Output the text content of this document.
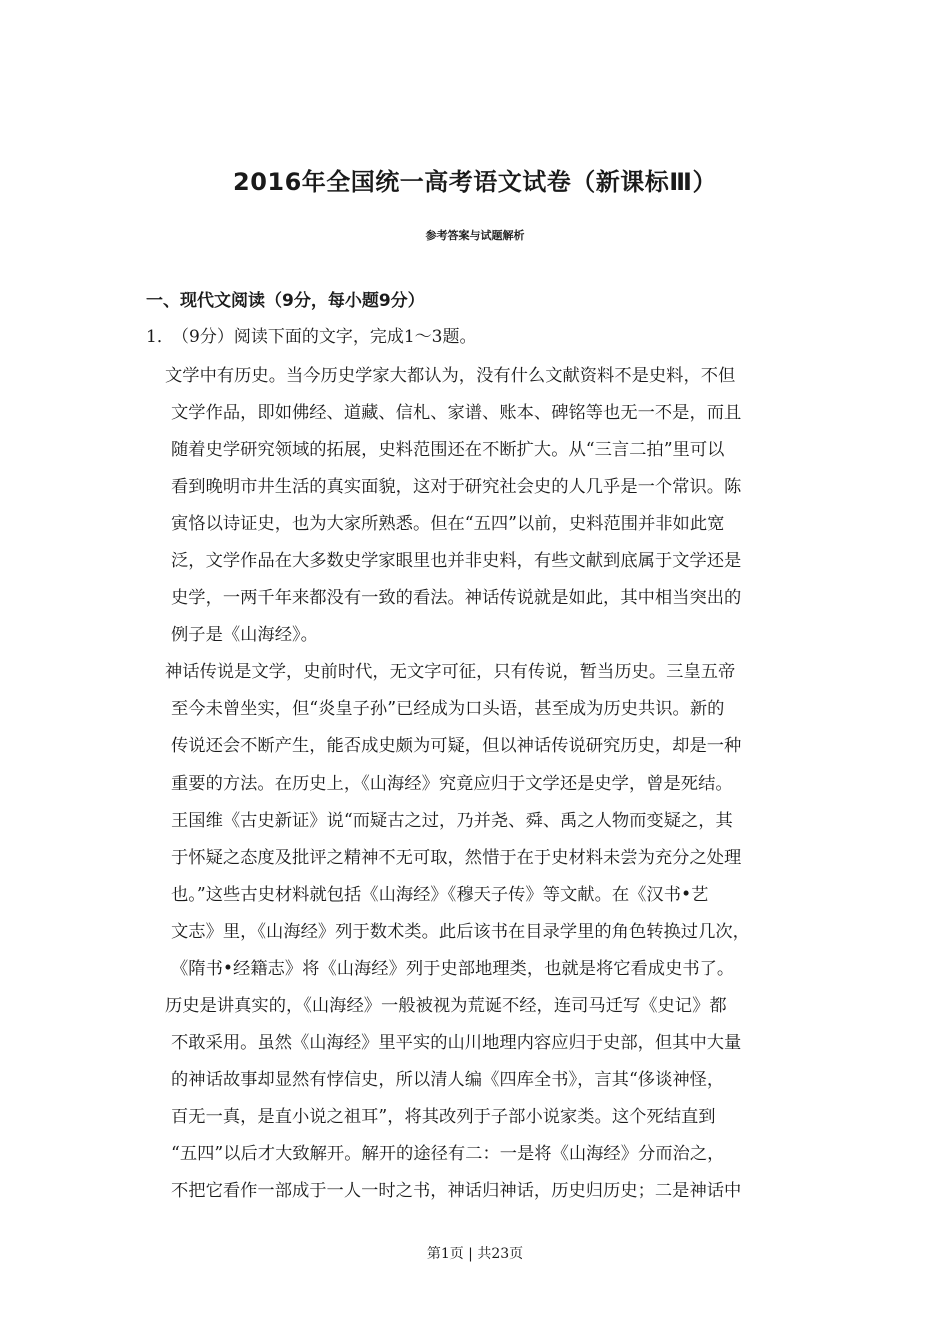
2016年全国统一高考语文试卷（新课标Ⅲ）
参考答案与试题解析
一、现代文阅读（9分，每小题9分）
1．（9分）阅读下面的文字，完成1～3题。
文学中有历史。当今历史学家大都认为，没有什么文献资料不是史料，不但
文学作品，即如佛经、道藏、信札、家谱、账本、碑铭等也无一不是，而且
随着史学研究领域的拓展，史料范围还在不断扩大。从“三言二拍”里可以
看到晚明市井生活的真实面貌，这对于研究社会史的人几乎是一个常识。陈
寅恪以诗证史，也为大家所熟悉。但在“五四”以前，史料范围并非如此宽
泛，文学作品在大多数史学家眼里也并非史料，有些文献到底属于文学还是
史学，一两千年来都没有一致的看法。神话传说就是如此，其中相当突出的
例子是《山海经》。
神话传说是文学，史前时代，无文字可征，只有传说，暂当历史。三皇五帝
至今未曾坐实，但“炎皇子孙”已经成为口头语，甚至成为历史共识。新的
传说还会不断产生，能否成史颇为可疑，但以神话传说研究历史，却是一种
重要的方法。在历史上，《山海经》究竟应归于文学还是史学，曾是死结。
王国维《古史新证》说“而疑古之过，乃并尧、舜、禹之人物而变疑之，其
于怀疑之态度及批评之精神不无可取，然惜于在于史材料未尝为充分之处理
也。”这些古史材料就包括《山海经》《穆天子传》等文献。在《汉书•艺
文志》里，《山海经》列于数术类。此后该书在目录学里的角色转换过几次，
《隋书•经籍志》将《山海经》列于史部地理类，也就是将它看成史书了。
历史是讲真实的，《山海经》一般被视为荒诞不经，连司马迁写《史记》都
不敢采用。虽然《山海经》里平实的山川地理内容应归于史部，但其中大量
的神话故事却显然有悖信史，所以清人编《四库全书》，言其“侈谈神怪，
百无一真，是直小说之祖耳”，将其改列于子部小说家类。这个死结直到
“五四”以后才大致解开。解开的途径有二：一是将《山海经》分而治之，
不把它看作一部成于一人一时之书，神话归神话，历史归历史；二是神话中
第1页 | 共23页
